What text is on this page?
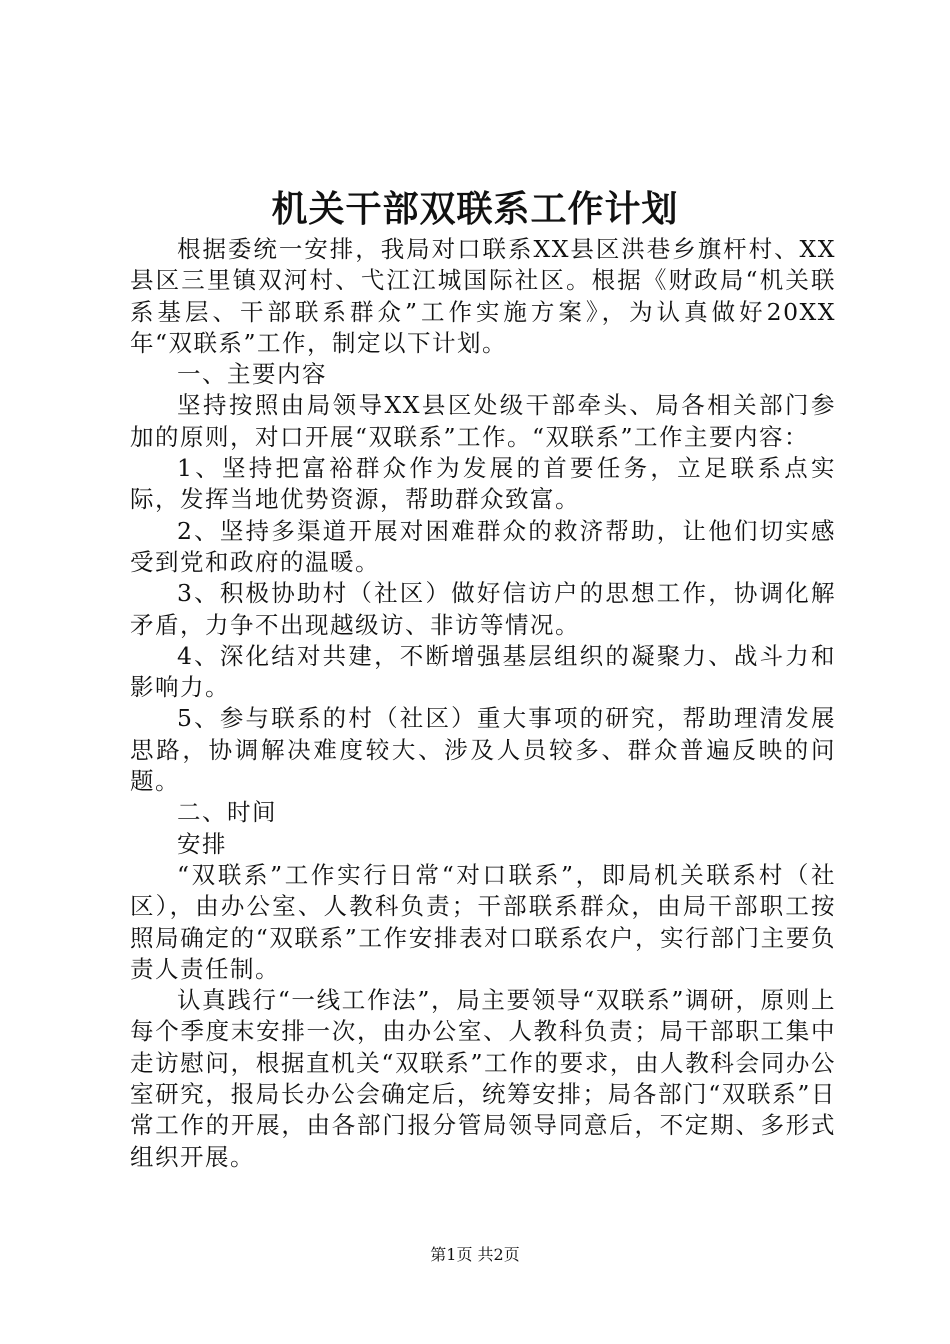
机关干部双联系工作计划

根据委统一安排，我局对口联系XX县区洪巷乡旗杆村、XX县区三里镇双河村、弋江江城国际社区。根据《财政局“机关联系基层、干部联系群众”工作实施方案》，为认真做好20XX年“双联系”工作，制定以下计划。

一、主要内容

坚持按照由局领导XX县区处级干部牵头、局各相关部门参加的原则，对口开展“双联系”工作。“双联系”工作主要内容：

1、坚持把富裕群众作为发展的首要任务，立足联系点实际，发挥当地优势资源，帮助群众致富。

2、坚持多渠道开展对困难群众的救济帮助，让他们切实感受到党和政府的温暖。

3、积极协助村（社区）做好信访户的思想工作，协调化解矛盾，力争不出现越级访、非访等情况。

4、深化结对共建，不断增强基层组织的凝聚力、战斗力和影响力。

5、参与联系的村（社区）重大事项的研究，帮助理清发展思路，协调解决难度较大、涉及人员较多、群众普遍反映的问题。

二、时间

安排

“双联系”工作实行日常“对口联系”，即局机关联系村（社区），由办公室、人教科负责；干部联系群众，由局干部职工按照局确定的“双联系”工作安排表对口联系农户，实行部门主要负责人责任制。

认真践行“一线工作法”，局主要领导“双联系”调研，原则上每个季度末安排一次，由办公室、人教科负责；局干部职工集中走访慰问，根据直机关“双联系”工作的要求，由人教科会同办公室研究，报局长办公会确定后，统筹安排；局各部门“双联系”日常工作的开展，由各部门报分管局领导同意后，不定期、多形式组织开展。

第1页 共2页
